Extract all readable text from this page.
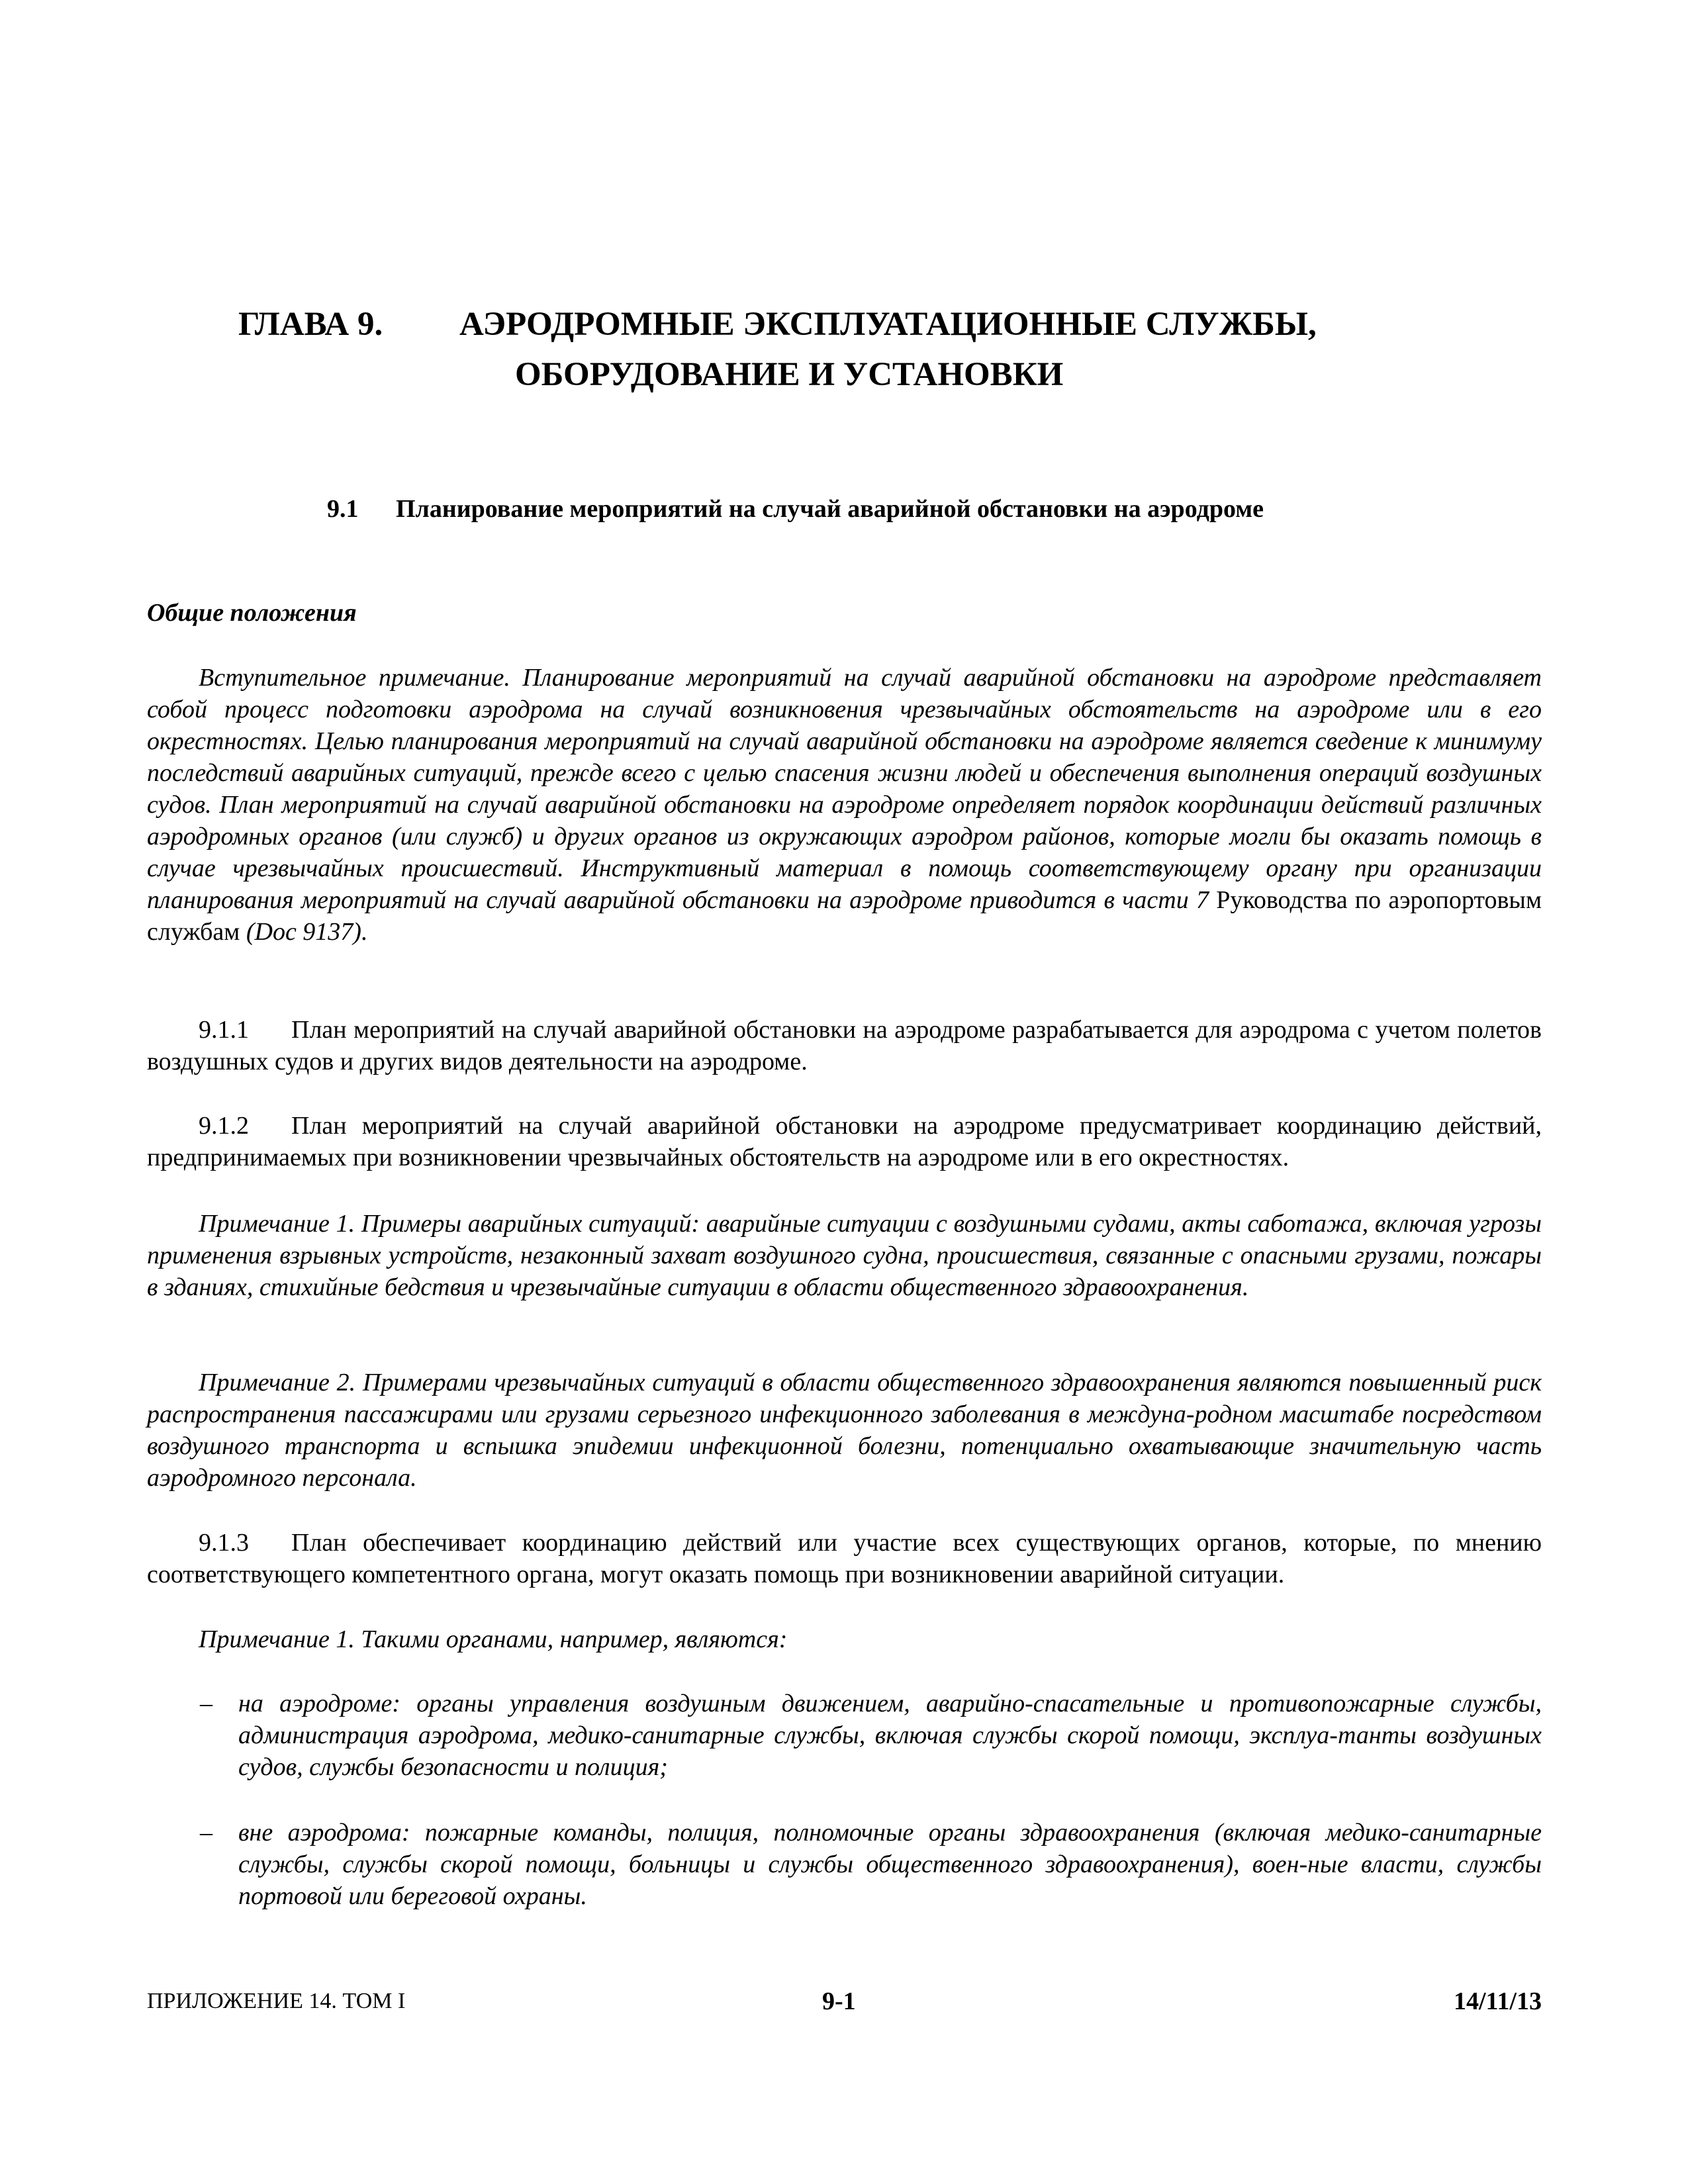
ГЛАВА 9. АЭРОДРОМНЫЕ ЭКСПЛУАТАЦИОННЫЕ СЛУЖБЫ,
ОБОРУДОВАНИЕ И УСТАНОВКИ
9.1 Планирование мероприятий на случай аварийной обстановки на аэродроме
Общие положения
Вступительное примечание. Планирование мероприятий на случай аварийной обстановки на аэродроме представляет собой процесс подготовки аэродрома на случай возникновения чрезвычайных обстоятельств на аэродроме или в его окрестностях. Целью планирования мероприятий на случай аварийной обстановки на аэродроме является сведение к минимуму последствий аварийных ситуаций, прежде всего с целью спасения жизни людей и обеспечения выполнения операций воздушных судов. План мероприятий на случай аварийной обстановки на аэродроме определяет порядок координации действий различных аэродромных органов (или служб) и других органов из окружающих аэродром районов, которые могли бы оказать помощь в случае чрезвычайных происшествий. Инструктивный материал в помощь соответствующему органу при организации планирования мероприятий на случай аварийной обстановки на аэродроме приводится в части 7 Руководства по аэропортовым службам (Doc 9137).
9.1.1 План мероприятий на случай аварийной обстановки на аэродроме разрабатывается для аэродрома с учетом полетов воздушных судов и других видов деятельности на аэродроме.
9.1.2 План мероприятий на случай аварийной обстановки на аэродроме предусматривает координацию действий, предпринимаемых при возникновении чрезвычайных обстоятельств на аэродроме или в его окрестностях.
Примечание 1. Примеры аварийных ситуаций: аварийные ситуации с воздушными судами, акты саботажа, включая угрозы применения взрывных устройств, незаконный захват воздушного судна, происшествия, связанные с опасными грузами, пожары в зданиях, стихийные бедствия и чрезвычайные ситуации в области общественного здравоохранения.
Примечание 2. Примерами чрезвычайных ситуаций в области общественного здравоохранения являются повышенный риск распространения пассажирами или грузами серьезного инфекционного заболевания в междуна-родном масштабе посредством воздушного транспорта и вспышка эпидемии инфекционной болезни, потенциально охватывающие значительную часть аэродромного персонала.
9.1.3 План обеспечивает координацию действий или участие всех существующих органов, которые, по мнению соответствующего компетентного органа, могут оказать помощь при возникновении аварийной ситуации.
Примечание 1. Такими органами, например, являются:
– на аэродроме: органы управления воздушным движением, аварийно-спасательные и противопожарные службы, администрация аэродрома, медико-санитарные службы, включая службы скорой помощи, эксплуа-танты воздушных судов, службы безопасности и полиция;
– вне аэродрома: пожарные команды, полиция, полномочные органы здравоохранения (включая медико-санитарные службы, службы скорой помощи, больницы и службы общественного здравоохранения), воен-ные власти, службы портовой или береговой охраны.
ПРИЛОЖЕНИЕ 14. ТОМ I	9-1	14/11/13
